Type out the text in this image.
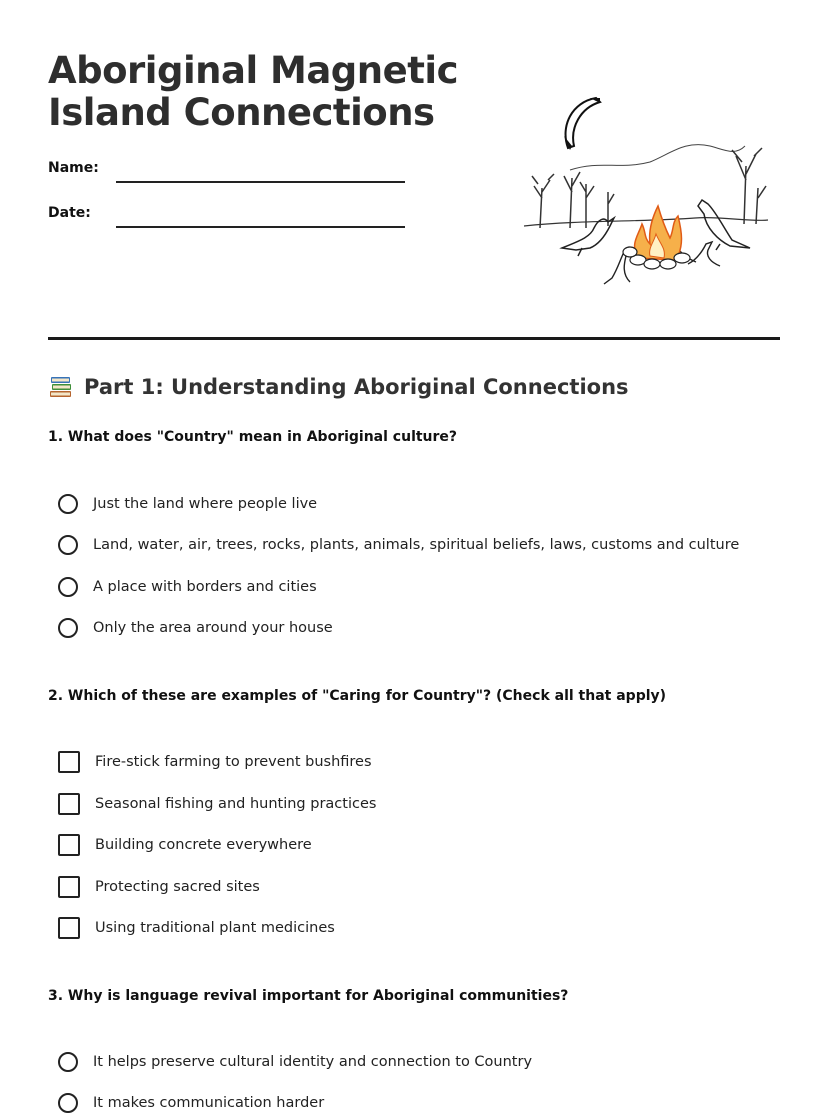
Aboriginal Magnetic
Island Connections
Name:
Date:
Part 1: Understanding Aboriginal Connections

1. What does "Country" mean in Aboriginal culture?

Just the land where people live
Land, water, air, trees, rocks, plants, animals, spiritual beliefs, laws, customs and culture
A place with borders and cities
Only the area around your house

2. Which of these are examples of "Caring for Country"? (Check all that apply)

Fire-stick farming to prevent bushfires
Seasonal fishing and hunting practices
Building concrete everywhere
Protecting sacred sites
Using traditional plant medicines

3. Why is language revival important for Aboriginal communities?

It helps preserve cultural identity and connection to Country
It makes communication harder
